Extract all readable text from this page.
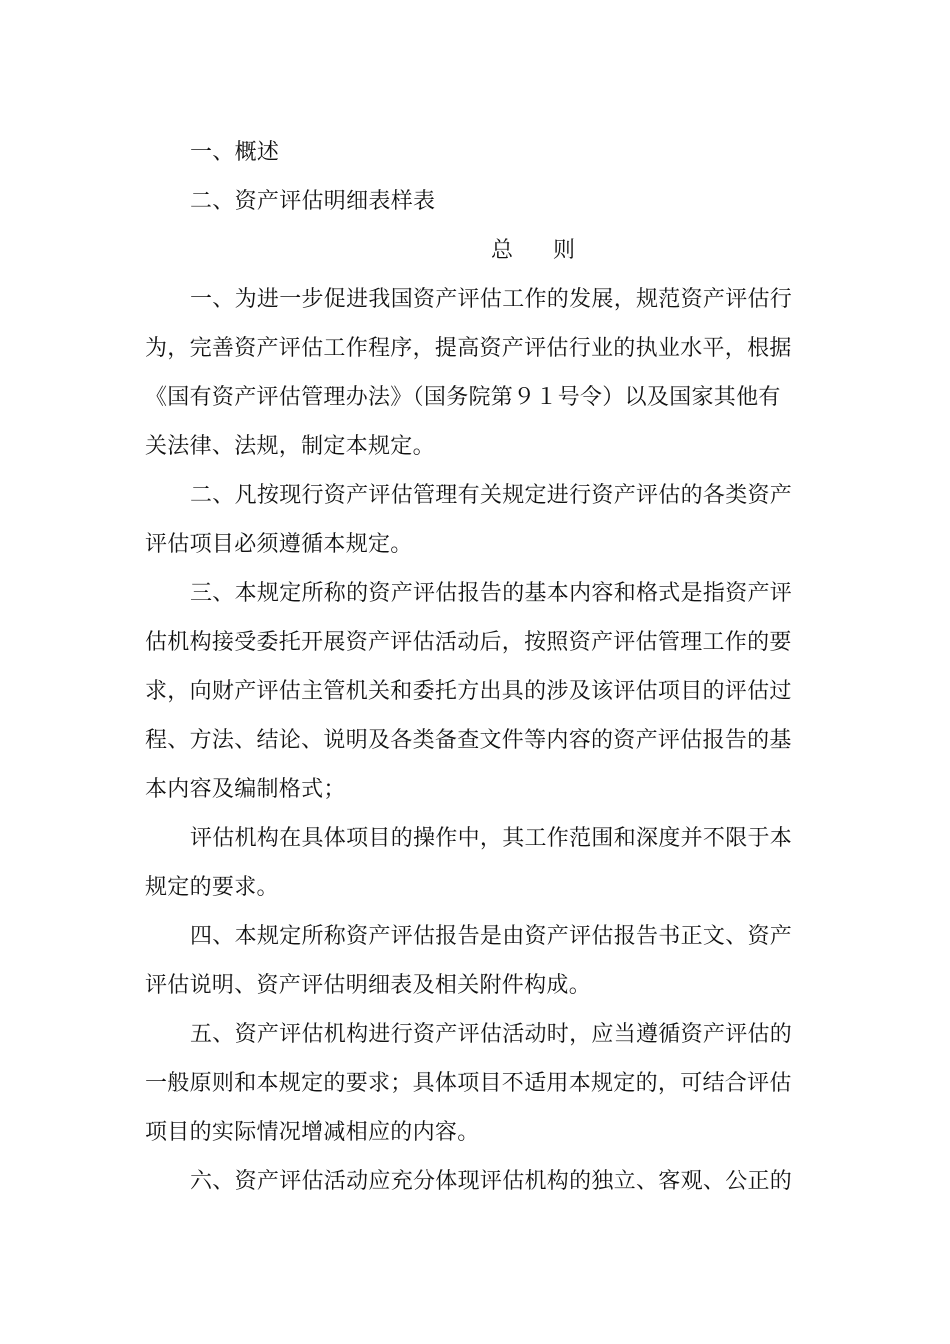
一、概述
二、资产评估明细表样表
总 则
一、为进一步促进我国资产评估工作的发展，规范资产评估行
为，完善资产评估工作程序，提高资产评估行业的执业水平，根据
《国有资产评估管理办法》（国务院第９１号令）以及国家其他有
关法律、法规，制定本规定。
二、凡按现行资产评估管理有关规定进行资产评估的各类资产
评估项目必须遵循本规定。
三、本规定所称的资产评估报告的基本内容和格式是指资产评
估机构接受委托开展资产评估活动后，按照资产评估管理工作的要
求，向财产评估主管机关和委托方出具的涉及该评估项目的评估过
程、方法、结论、说明及各类备查文件等内容的资产评估报告的基
本内容及编制格式；
评估机构在具体项目的操作中，其工作范围和深度并不限于本
规定的要求。
四、本规定所称资产评估报告是由资产评估报告书正文、资产
评估说明、资产评估明细表及相关附件构成。
五、资产评估机构进行资产评估活动时，应当遵循资产评估的
一般原则和本规定的要求；具体项目不适用本规定的，可结合评估
项目的实际情况增减相应的内容。
六、资产评估活动应充分体现评估机构的独立、客观、公正的
